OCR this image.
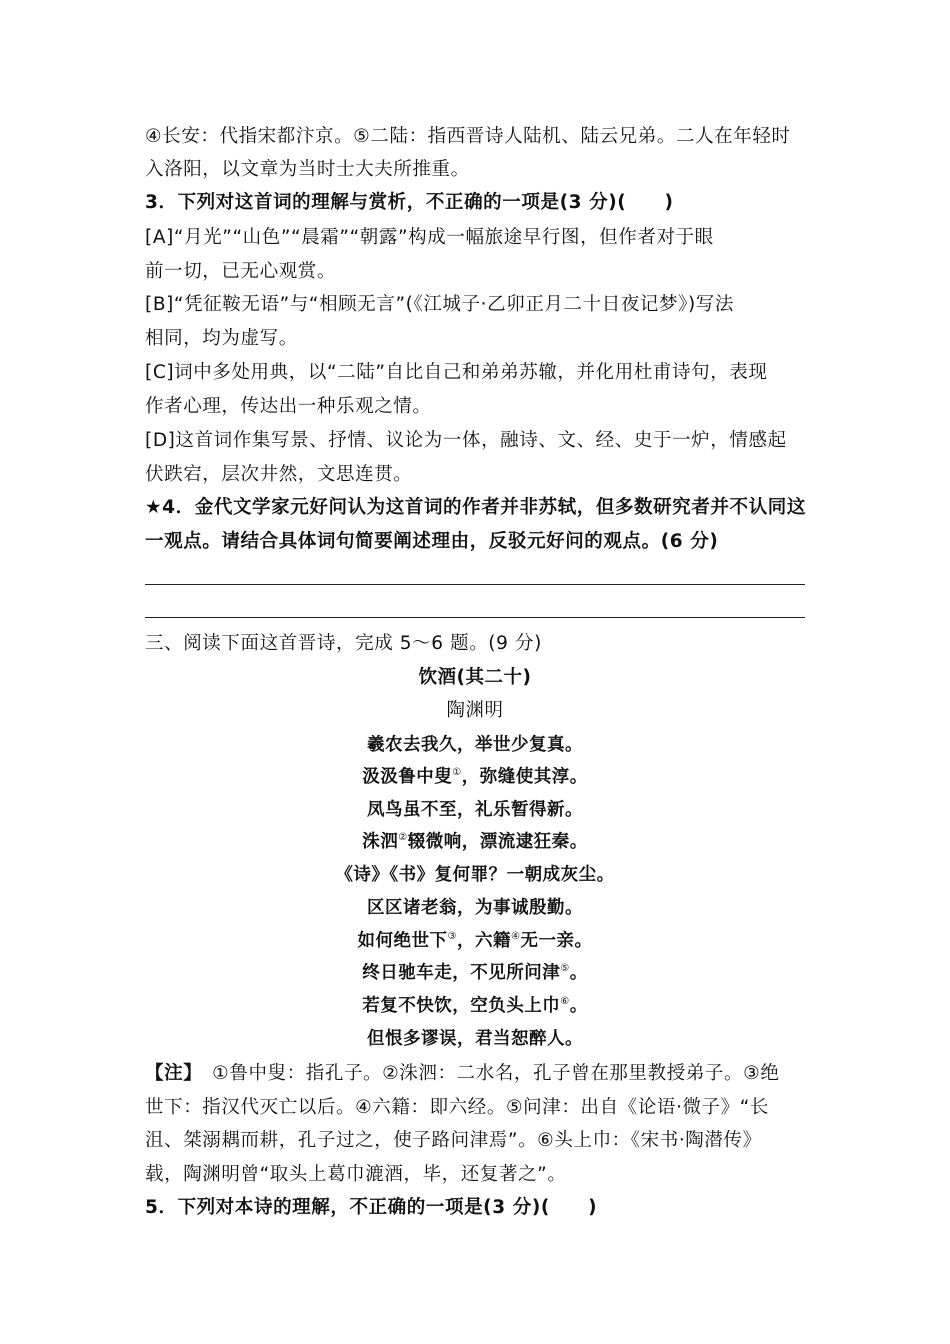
④长安：代指宋都汴京。⑤二陆：指西晋诗人陆机、陆云兄弟。二人在年轻时
入洛阳，以文章为当时士大夫所推重。
3．下列对这首词的理解与赏析，不正确的一项是(3 分)(　　)
[A]“月光”“山色”“晨霜”“朝露”构成一幅旅途早行图，但作者对于眼
前一切，已无心观赏。
[B]“凭征鞍无语”与“相顾无言”(《江城子·乙卯正月二十日夜记梦》)写法
相同，均为虚写。
[C]词中多处用典，以“二陆”自比自己和弟弟苏辙，并化用杜甫诗句，表现
作者心理，传达出一种乐观之情。
[D]这首词作集写景、抒情、议论为一体，融诗、文、经、史于一炉，情感起
伏跌宕，层次井然，文思连贯。
★4．金代文学家元好问认为这首词的作者并非苏轼，但多数研究者并不认同这
一观点。请结合具体词句简要阐述理由，反驳元好问的观点。(6 分)
三、阅读下面这首晋诗，完成 5～6 题。(9 分)
饮酒(其二十)
陶渊明
羲农去我久，举世少复真。
汲汲鲁中叟①，弥缝使其淳。
凤鸟虽不至，礼乐暂得新。
洙泗②辍微响，漂流逮狂秦。
《诗》《书》复何罪？一朝成灰尘。
区区诸老翁，为事诚殷勤。
如何绝世下③，六籍④无一亲。
终日驰车走，不见所问津⑤。
若复不快饮，空负头上巾⑥。
但恨多谬误，君当恕醉人。
【注】　①鲁中叟：指孔子。②洙泗：二水名，孔子曾在那里教授弟子。③绝
世下：指汉代灭亡以后。④六籍：即六经。⑤问津：出自《论语·微子》“长
沮、桀溺耦而耕，孔子过之，使子路问津焉”。⑥头上巾：《宋书·陶潜传》
载，陶渊明曾“取头上葛巾漉酒，毕，还复著之”。
5．下列对本诗的理解，不正确的一项是(3 分)(　　)
